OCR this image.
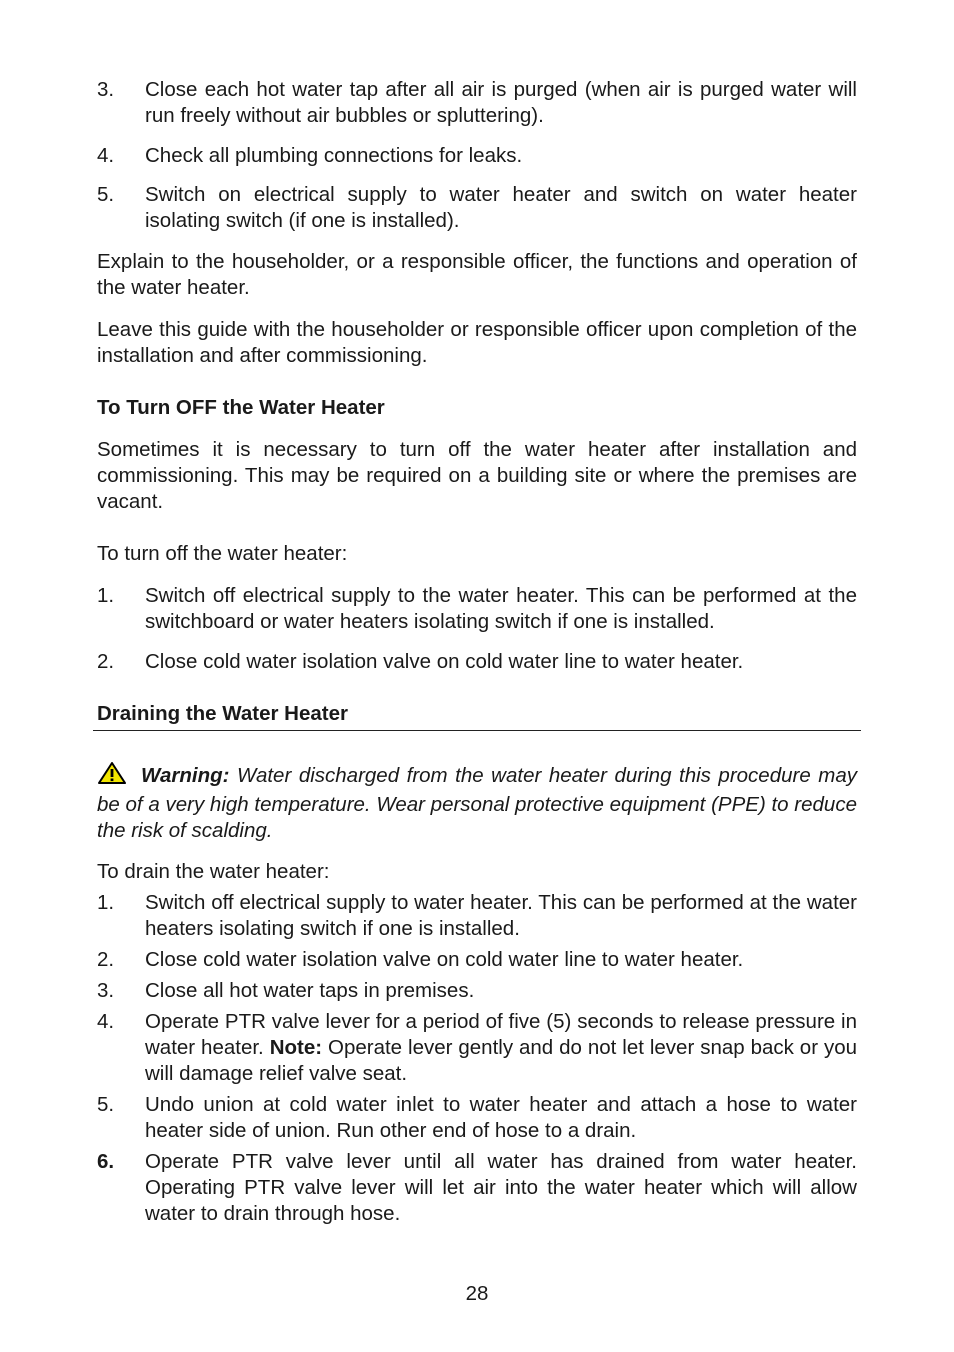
3.	Close each hot water tap after all air is purged (when air is purged water will run freely without air bubbles or spluttering).
4.	Check all plumbing connections for leaks.
5.	Switch on electrical supply to water heater and switch on water heater isolating switch (if one is installed).

Explain to the householder, or a responsible officer, the functions and operation of the water heater.

Leave this guide with the householder or responsible officer upon completion of the installation and after commissioning.

To Turn OFF the Water Heater

Sometimes it is necessary to turn off the water heater after installation and commissioning. This may be required on a building site or where the premises are vacant.

To turn off the water heater:

1.	Switch off electrical supply to the water heater. This can be performed at the switchboard or water heaters isolating switch if one is installed.
2.	Close cold water isolation valve on cold water line to water heater.
Draining the Water Heater

Warning: Water discharged from the water heater during this procedure may be of a very high temperature. Wear personal protective equipment (PPE) to reduce the risk of scalding.

To drain the water heater:

1.	Switch off electrical supply to water heater. This can be performed at the water heaters isolating switch if one is installed.
2.	Close cold water isolation valve on cold water line to water heater.
3.	Close all hot water taps in premises.
4.	Operate PTR valve lever for a period of five (5) seconds to release pressure in water heater. Note: Operate lever gently and do not let lever snap back or you will damage relief valve seat.
5.	Undo union at cold water inlet to water heater and attach a hose to water heater side of union. Run other end of hose to a drain.
6.	Operate PTR valve lever until all water has drained from water heater. Operating PTR valve lever will let air into the water heater which will allow water to drain through hose.
28
